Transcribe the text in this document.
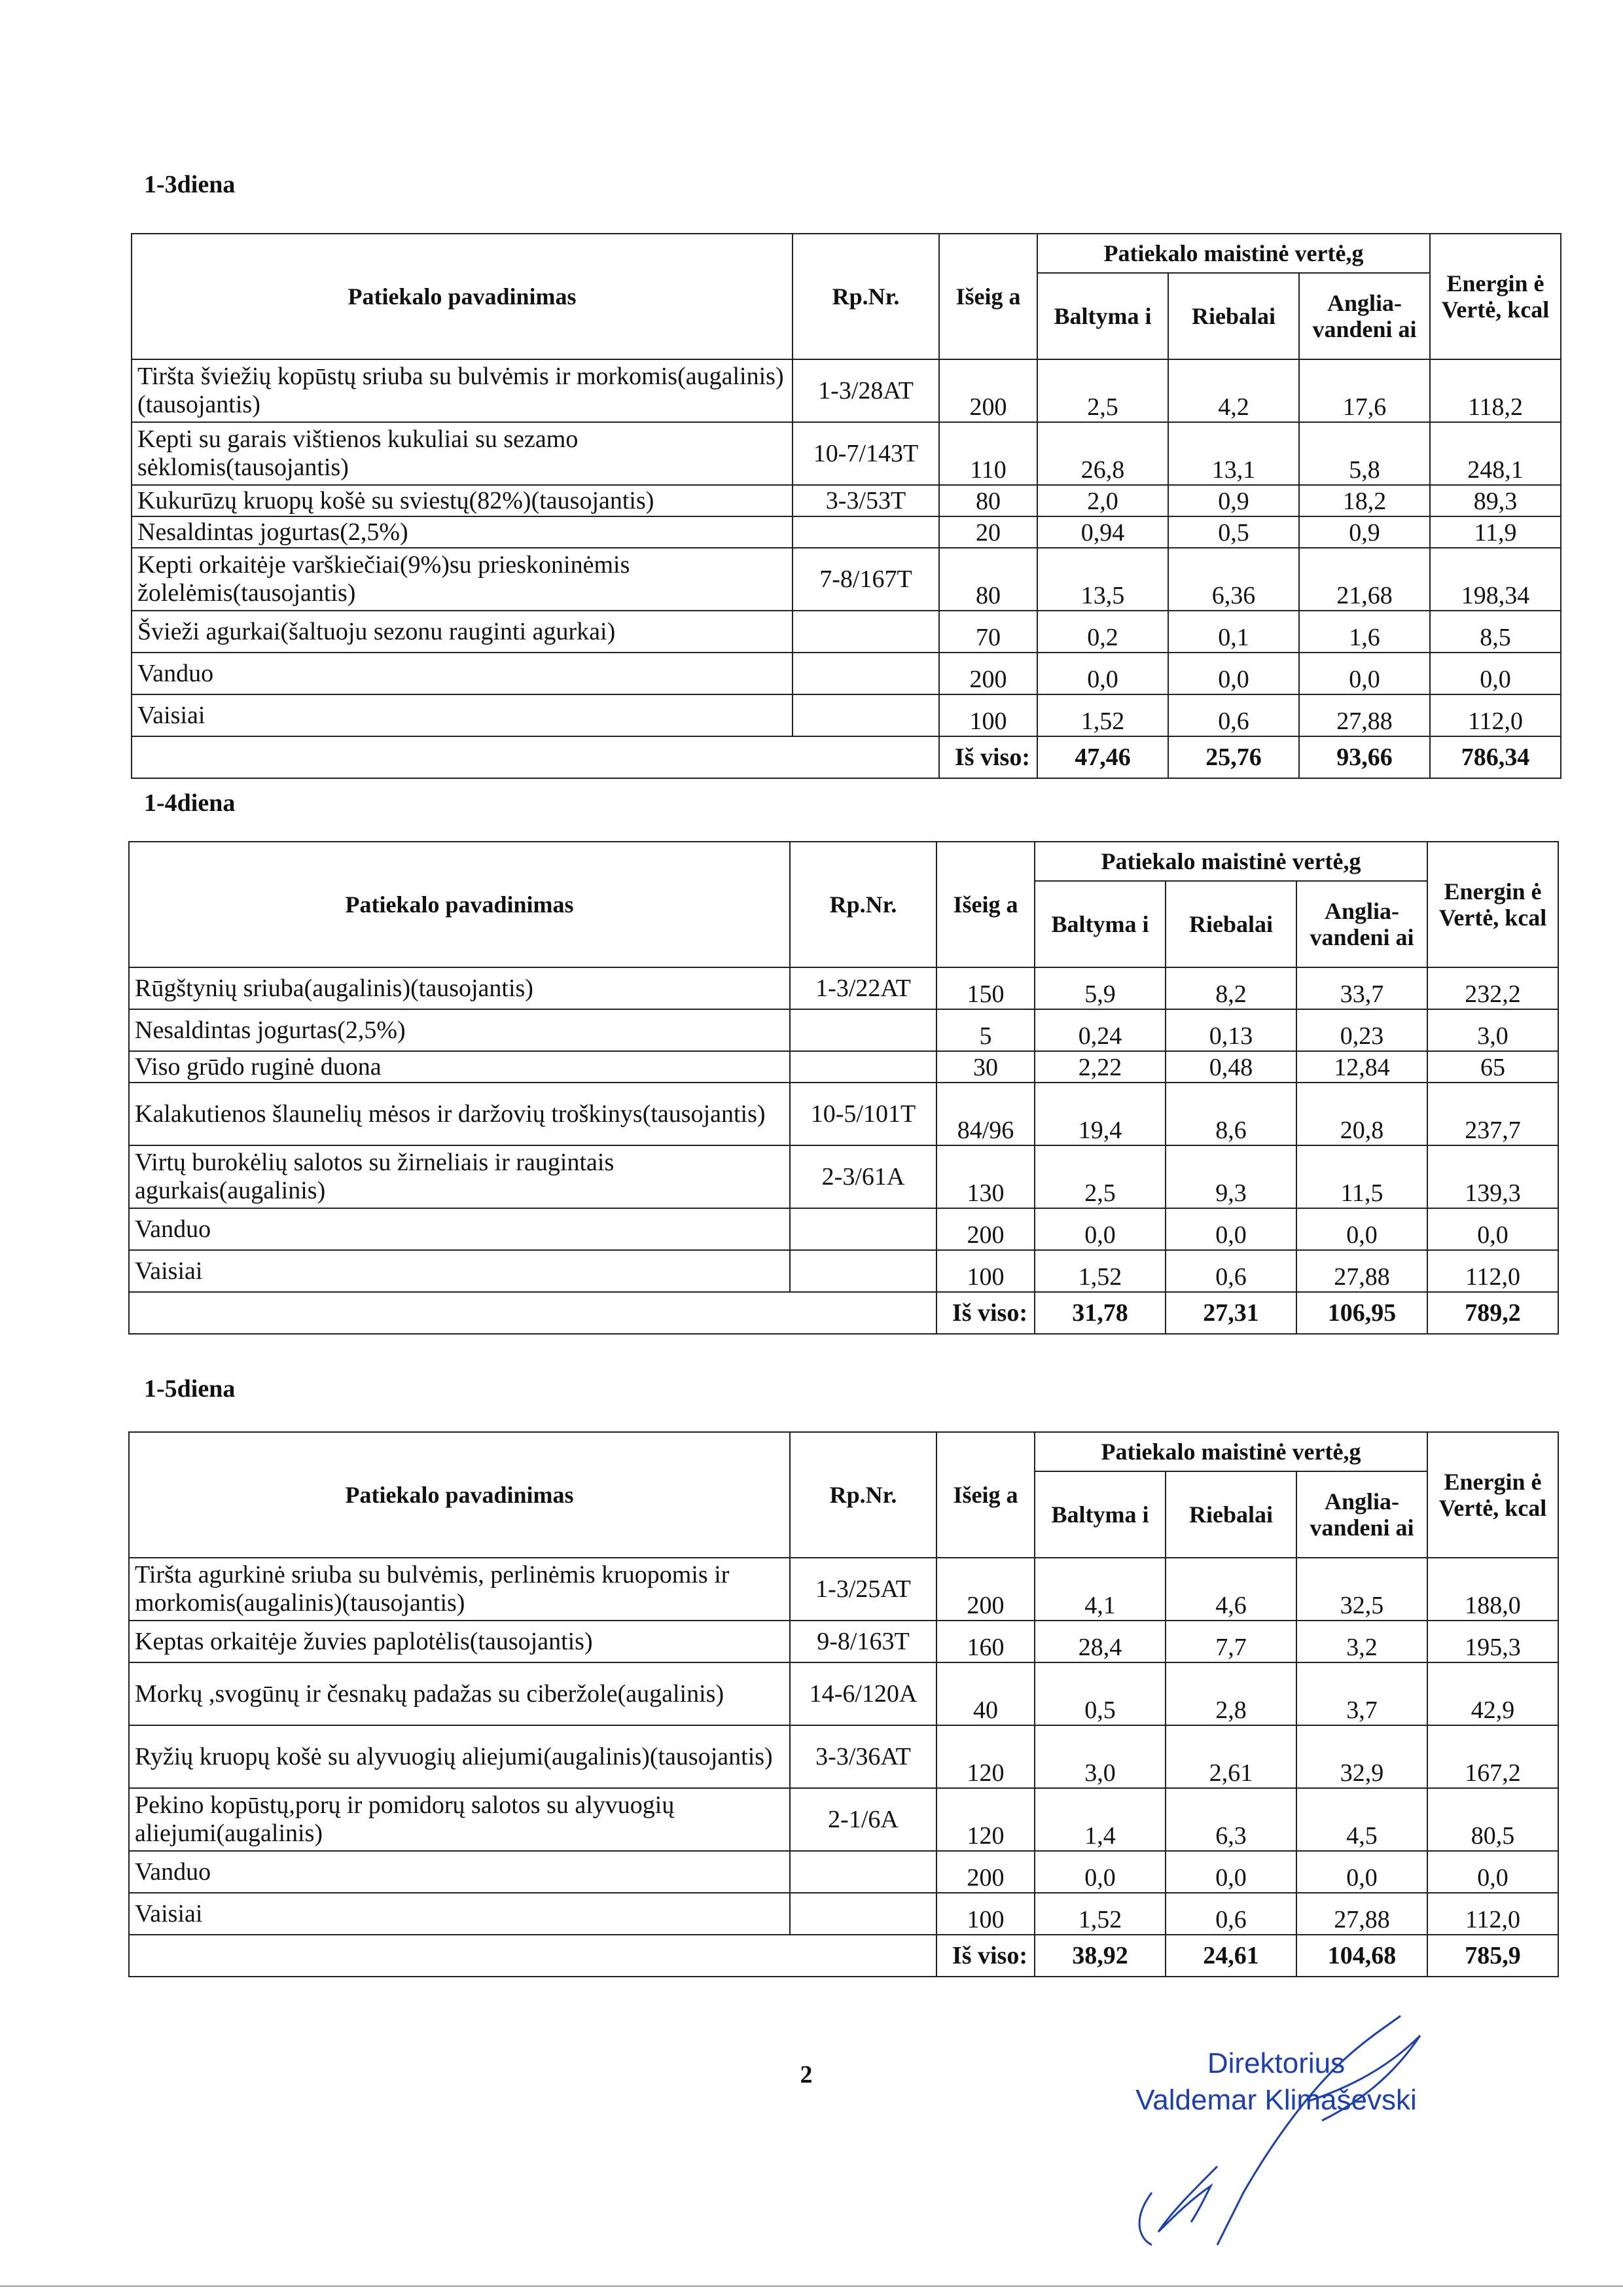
1-3diena
1-4diena
1-5diena
Patiekalo pavadinimas	Rp.Nr.	Išeig a	Patiekalo maistinė vertė,g			Energin ė Vertė, kcal
			Baltyma i	Riebalai	Anglia- vandeni ai	
Tiršta šviežių kopūstų sriuba su bulvėmis ir morkomis(augalinis)(tausojantis)	1-3/28AT	200	2,5	4,2	17,6	118,2
Kepti su garais vištienos kukuliai su sezamo sėklomis(tausojantis)	10-7/143T	110	26,8	13,1	5,8	248,1
Kukurūzų kruopų košė su sviestų(82%)(tausojantis)	3-3/53T	80	2,0	0,9	18,2	89,3
Nesaldintas jogurtas(2,5%)		20	0,94	0,5	0,9	11,9
Kepti orkaitėje varškiečiai(9%)su prieskoninėmis žolelėmis(tausojantis)	7-8/167T	80	13,5	6,36	21,68	198,34
Švieži agurkai(šaltuoju sezonu rauginti agurkai)		70	0,2	0,1	1,6	8,5
Vanduo		200	0,0	0,0	0,0	0,0
Vaisiai		100	1,52	0,6	27,88	112,0
		Iš viso:	47,46	25,76	93,66	786,34
Patiekalo pavadinimas	Rp.Nr.	Išeig a	Patiekalo maistinė vertė,g			Energin ė Vertė, kcal
			Baltyma i	Riebalai	Anglia- vandeni ai	
Rūgštynių sriuba(augalinis)(tausojantis)	1-3/22AT	150	5,9	8,2	33,7	232,2
Nesaldintas jogurtas(2,5%)		5	0,24	0,13	0,23	3,0
Viso grūdo ruginė duona		30	2,22	0,48	12,84	65
Kalakutienos šlaunelių mėsos ir daržovių troškinys(tausojantis)	10-5/101T	84/96	19,4	8,6	20,8	237,7
Virtų burokėlių salotos su žirneliais ir raugintais agurkais(augalinis)	2-3/61A	130	2,5	9,3	11,5	139,3
Vanduo		200	0,0	0,0	0,0	0,0
Vaisiai		100	1,52	0,6	27,88	112,0
		Iš viso:	31,78	27,31	106,95	789,2
Patiekalo pavadinimas	Rp.Nr.	Išeig a	Patiekalo maistinė vertė,g			Energin ė Vertė, kcal
			Baltyma i	Riebalai	Anglia- vandeni ai	
Tiršta agurkinė sriuba su bulvėmis, perlinėmis kruopomis ir morkomis(augalinis)(tausojantis)	1-3/25AT	200	4,1	4,6	32,5	188,0
Keptas orkaitėje žuvies paplotėlis(tausojantis)	9-8/163T	160	28,4	7,7	3,2	195,3
Morkų ,svogūnų ir česnakų padažas su ciberžole(augalinis)	14-6/120A	40	0,5	2,8	3,7	42,9
Ryžių kruopų košė su alyvuogių aliejumi(augalinis)(tausojantis)	3-3/36AT	120	3,0	2,61	32,9	167,2
Pekino kopūstų,porų ir pomidorų salotos su alyvuogių aliejumi(augalinis)	2-1/6A	120	1,4	6,3	4,5	80,5
Vanduo		200	0,0	0,0	0,0	0,0
Vaisiai		100	1,52	0,6	27,88	112,0
		Iš viso:	38,92	24,61	104,68	785,9
2	Direktorius
Valdemar Klimaševski
